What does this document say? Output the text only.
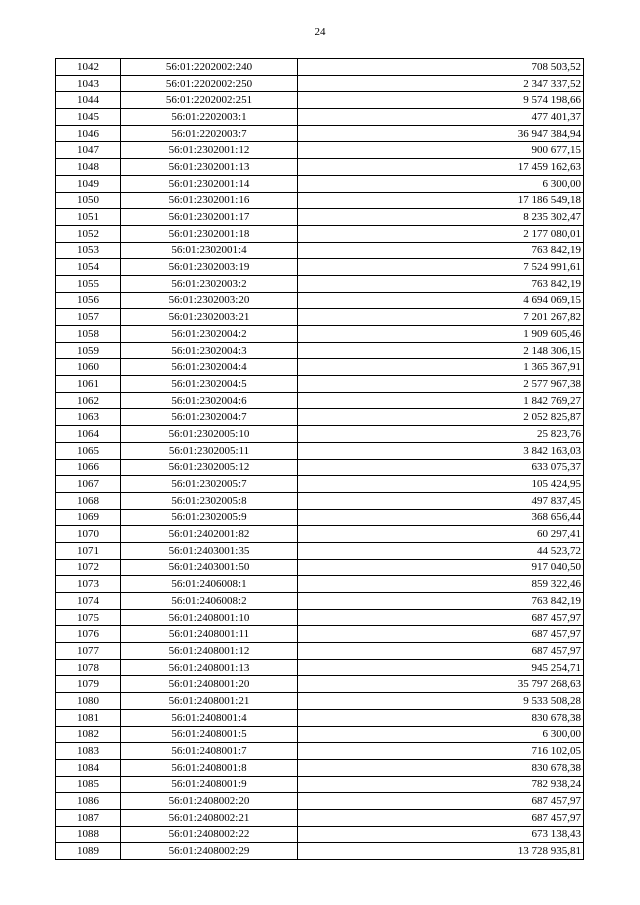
24
1042	56:01:2202002:240	708 503,52
1043	56:01:2202002:250	2 347 337,52
1044	56:01:2202002:251	9 574 198,66
1045	56:01:2202003:1	477 401,37
1046	56:01:2202003:7	36 947 384,94
1047	56:01:2302001:12	900 677,15
1048	56:01:2302001:13	17 459 162,63
1049	56:01:2302001:14	6 300,00
1050	56:01:2302001:16	17 186 549,18
1051	56:01:2302001:17	8 235 302,47
1052	56:01:2302001:18	2 177 080,01
1053	56:01:2302001:4	763 842,19
1054	56:01:2302003:19	7 524 991,61
1055	56:01:2302003:2	763 842,19
1056	56:01:2302003:20	4 694 069,15
1057	56:01:2302003:21	7 201 267,82
1058	56:01:2302004:2	1 909 605,46
1059	56:01:2302004:3	2 148 306,15
1060	56:01:2302004:4	1 365 367,91
1061	56:01:2302004:5	2 577 967,38
1062	56:01:2302004:6	1 842 769,27
1063	56:01:2302004:7	2 052 825,87
1064	56:01:2302005:10	25 823,76
1065	56:01:2302005:11	3 842 163,03
1066	56:01:2302005:12	633 075,37
1067	56:01:2302005:7	105 424,95
1068	56:01:2302005:8	497 837,45
1069	56:01:2302005:9	368 656,44
1070	56:01:2402001:82	60 297,41
1071	56:01:2403001:35	44 523,72
1072	56:01:2403001:50	917 040,50
1073	56:01:2406008:1	859 322,46
1074	56:01:2406008:2	763 842,19
1075	56:01:2408001:10	687 457,97
1076	56:01:2408001:11	687 457,97
1077	56:01:2408001:12	687 457,97
1078	56:01:2408001:13	945 254,71
1079	56:01:2408001:20	35 797 268,63
1080	56:01:2408001:21	9 533 508,28
1081	56:01:2408001:4	830 678,38
1082	56:01:2408001:5	6 300,00
1083	56:01:2408001:7	716 102,05
1084	56:01:2408001:8	830 678,38
1085	56:01:2408001:9	782 938,24
1086	56:01:2408002:20	687 457,97
1087	56:01:2408002:21	687 457,97
1088	56:01:2408002:22	673 138,43
1089	56:01:2408002:29	13 728 935,81
